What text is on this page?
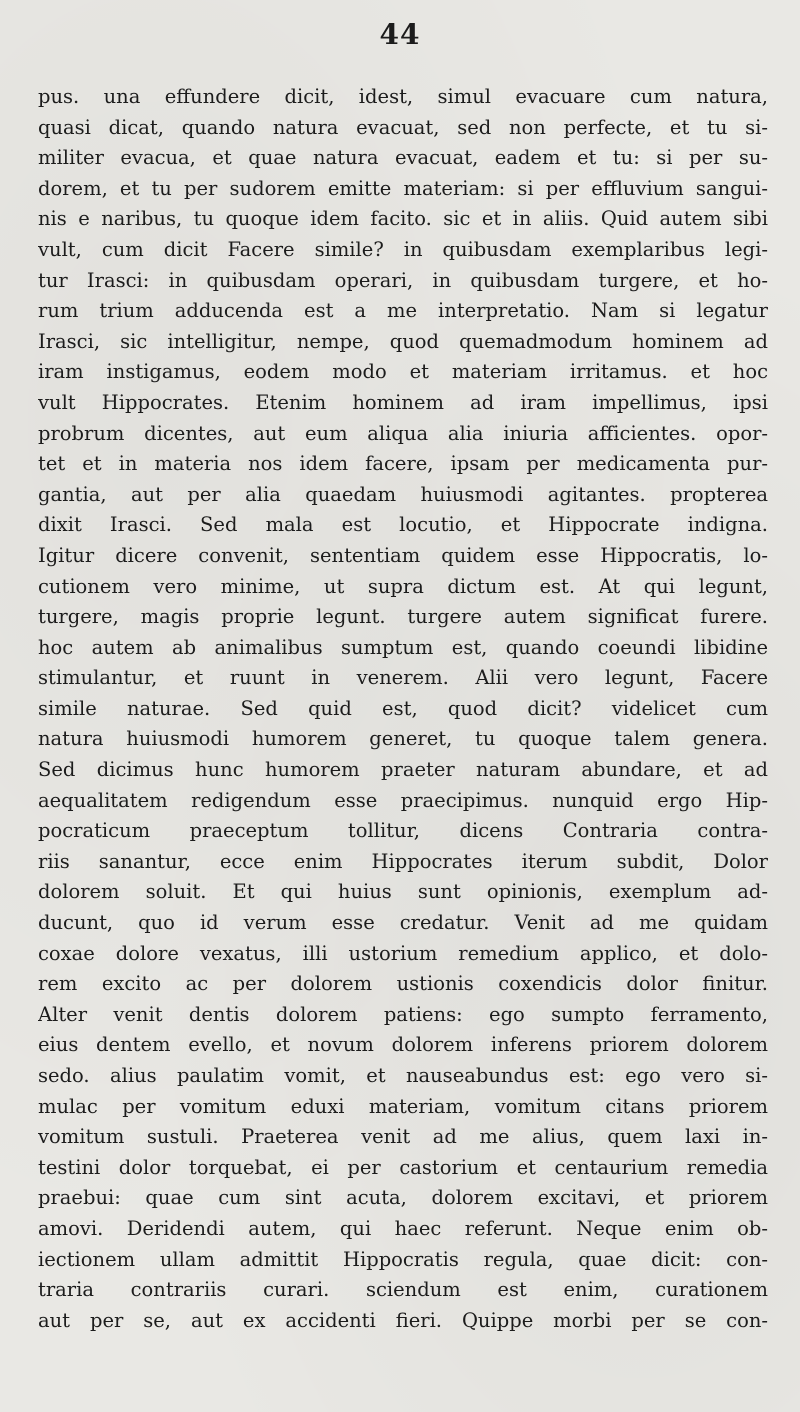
44
pus. una effundere dicit, idest, simul evacuare cum natura,
quasi dicat, quando natura evacuat, sed non perfecte, et tu si-
militer evacua, et quae natura evacuat, eadem et tu: si per su-
dorem, et tu per sudorem emitte materiam: si per effluvium sangui-
nis e naribus, tu quoque idem facito. sic et in aliis. Quid autem sibi
vult, cum dicit Facere simile? in quibusdam exemplaribus legi-
tur Irasci: in quibusdam operari, in quibusdam turgere, et ho-
rum trium adducenda est a me interpretatio. Nam si legatur
Irasci, sic intelligitur, nempe, quod quemadmodum hominem ad
iram instigamus, eodem modo et materiam irritamus. et hoc
vult Hippocrates. Etenim hominem ad iram impellimus, ipsi
probrum dicentes, aut eum aliqua alia iniuria afficientes. opor-
tet et in materia nos idem facere, ipsam per medicamenta pur-
gantia, aut per alia quaedam huiusmodi agitantes. propterea
dixit Irasci. Sed mala est locutio, et Hippocrate indigna.
Igitur dicere convenit, sententiam quidem esse Hippocratis, lo-
cutionem vero minime, ut supra dictum est. At qui legunt,
turgere, magis proprie legunt. turgere autem significat furere.
hoc autem ab animalibus sumptum est, quando coeundi libidine
stimulantur, et ruunt in venerem. Alii vero legunt, Facere
simile naturae. Sed quid est, quod dicit? videlicet cum
natura huiusmodi humorem generet, tu quoque talem genera.
Sed dicimus hunc humorem praeter naturam abundare, et ad
aequalitatem redigendum esse praecipimus. nunquid ergo Hip-
pocraticum praeceptum tollitur, dicens Contraria contra-
riis sanantur, ecce enim Hippocrates iterum subdit, Dolor
dolorem soluit. Et qui huius sunt opinionis, exemplum ad-
ducunt, quo id verum esse credatur. Venit ad me quidam
coxae dolore vexatus, illi ustorium remedium applico, et dolo-
rem excito ac per dolorem ustionis coxendicis dolor finitur.
Alter venit dentis dolorem patiens: ego sumpto ferramento,
eius dentem evello, et novum dolorem inferens priorem dolorem
sedo. alius paulatim vomit, et nauseabundus est: ego vero si-
mulac per vomitum eduxi materiam, vomitum citans priorem
vomitum sustuli. Praeterea venit ad me alius, quem laxi in-
testini dolor torquebat, ei per castorium et centaurium remedia
praebui: quae cum sint acuta, dolorem excitavi, et priorem
amovi. Deridendi autem, qui haec referunt. Neque enim ob-
iectionem ullam admittit Hippocratis regula, quae dicit: con-
traria contrariis curari. sciendum est enim, curationem
aut per se, aut ex accidenti fieri. Quippe morbi per se con-
